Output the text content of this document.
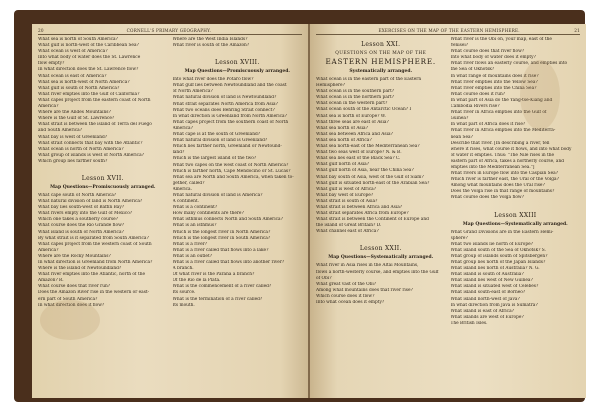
20	CORNELL'S PRIMARY GEOGRAPHY.
What sea is north of South America?
What gulf is north-west of the Caribbean Sea?
What ocean is west of America?
Into what body of water does the St. Lawrence
flow empty?
In what direction does the St. Lawrence flow?
What ocean is east of America?
What sea is north-west of North America?
What gulf is south of North America?
What river empties into the Gulf of California?
What capes project from the eastern coast of North
America?
Where are the Andes Mountains?
Where is the Gulf of St. Lawrence?
What strait is between the island of Terra del Fuego
and South America?
What bay is west of Greenland?
What strait connects that bay with the Atlantic?
What ocean is north of North America?
What group of islands is west of North America?
Which group lies farther south?
Lesson XVII.
Map Questions—Promiscuously arranged.
What cape south of North America?
What natural division of land is North America?
What bay lies south-west of Baffin Bay?
What rivers empty into the Gulf of Mexico?
Which one takes a southerly course?
What course does the Rio Grande flow?
What island is south of North America?
By what strait is it separated from South America?
What capes project from the western coast of South
America?
Where are the Rocky Mountains?
In what direction is Greenland from North America?
Where is the island of Newfoundland?
What river empties into the Atlantic, north of the
Amazon? R.
What course does that river run?
Does the Amazon River rise in the western or east-
ern part of South America?
In what direction does it flow?
Where are the West India Islands?
What river is south of the Amazon?
Lesson XVIII.
Map Questions—Promiscuously arranged.
Into what river does the Potaro flow?
What gulf lies between Newfoundland and the coast
of North America?
What natural division of land is Newfoundland?
What strait separates North America from Asia?
What two oceans does Behring Strait connect?
In what direction is Greenland from North America?
What capes project from the southern coast of North
America?
What cape is at the south of Greenland?
What natural division of land is Greenland?
Which lies farther north, Greenland or Newfound-
land?
Which is the largest island of the two?
What two capes on the west coast of North America?
Which is farther north, Cape Mendocino or St. Lucas?
What sea are North and South America, when taken to-
gether, called?
America.
What natural division of land is America?
A continent.
What is a continent?
How many continents are there?
What isthmus connects North and South America?
What is an isthmus?
Which is the longest river in North America?
Which is the longest river in South America?
What is a river?
What is a river called that flows into a lake?
What is an outlet?
What is a river called that flows into another river?
A branch.
Of what river is the Parana a branch?
Of the Rio de la Plata.
What is the commencement of a river called?
Its source.
What is the termination of a river called?
Its mouth.
EXERCISES ON THE MAP OF THE EASTERN HEMISPHERE.	21
Lesson XXI.
QUESTIONS ON THE MAP OF THE
EASTERN HEMISPHERE.
Systematically arranged.
What ocean is in the eastern part of the Eastern
Hemisphere?
What ocean is in the southern part?
What ocean is in the northern part?
What ocean in the western part?
What ocean south of the Antarctic Ocean? I
What sea is north of Europe? W.
What three seas are east of Asia?
What sea north of Asia?
What sea between Africa and Asia?
What sea north of Africa?
What sea north-east of the Mediterranean Sea?
What two seas west of Europe? N. & B.
What sea lies east of the Black Sea? C.
What gulf north of Asia?
What gulf north of Asia, near the China Sea?
What bay south of Asia, west of the Gulf of Siam?
What gulf is situated north-east of the Arabian Sea?
What gulf is west of Africa?
What bay west of Europe?
What strait is south of Asia?
What strait is between Africa and Asia?
What strait separates Africa from Europe?
What strait is between the Continent of Europe and
the island of Great Britain? D.
What channel east of Africa?
Lesson XXII.
Map Questions—Systematically arranged.
What river in Asia rises in the Altai Mountains,
flows a north-westerly course, and empties into the Gulf
of Obi?
What great vast of the Obi?
Among what mountains does that river rise?
Which course does it flow?
Into what ocean does it empty?
What river is the Obi on, your map, east of the
Yenisei?
What course does that river flow?
Into what body of water does it empty?
What river flows an easterly course, and empties into
the Sea of Okhotsk?
In what range of mountains does it rise?
What river empties into the Yellow Sea?
What river empties into the China Sea?
What course does it run?
In what part of Asia do the Yang-tse-Kiang and
Cambodia Rivers rise?
What river in Africa empties into the Gulf of
Guinea?
In what part of Africa does it rise?
What river in Africa empties into the Mediterra-
nean Sea?
Describe that river. [In describing a river, tell
where it rises, what course it flows, and into what body
of water it empties. Thus: "The Nile rises in the
eastern part of Africa, takes a northerly course, and
empties into the Mediterranean Sea."]
What rivers in Europe flow into the Caspian Sea?
Which river is farther east, the Ural or the Volga?
Among what mountains does the Ural rise?
Does the Volga rise in that range of mountains?
What course does the Volga flow?
Lesson XXIII
Map Questions—Systematically arranged.
What Grand Divisions are in the Eastern Hemi-
sphere?
What two islands lie north of Europe?
What island south of the Sea of Okhotsk? S.
What group of islands south of Spitsbergen?
What group lies north of the Japan Islands?
What island lies north of Australia? N. G.
What island is south of Australia?
What island lies west of New Guinea?
What island is situated west of Celebes?
What island south-east of Borneo?
What island north-west of Java?
In what direction from Java is Sumatra?
What island is east of Africa?
What islands are west of Europe?
The British Isles.
